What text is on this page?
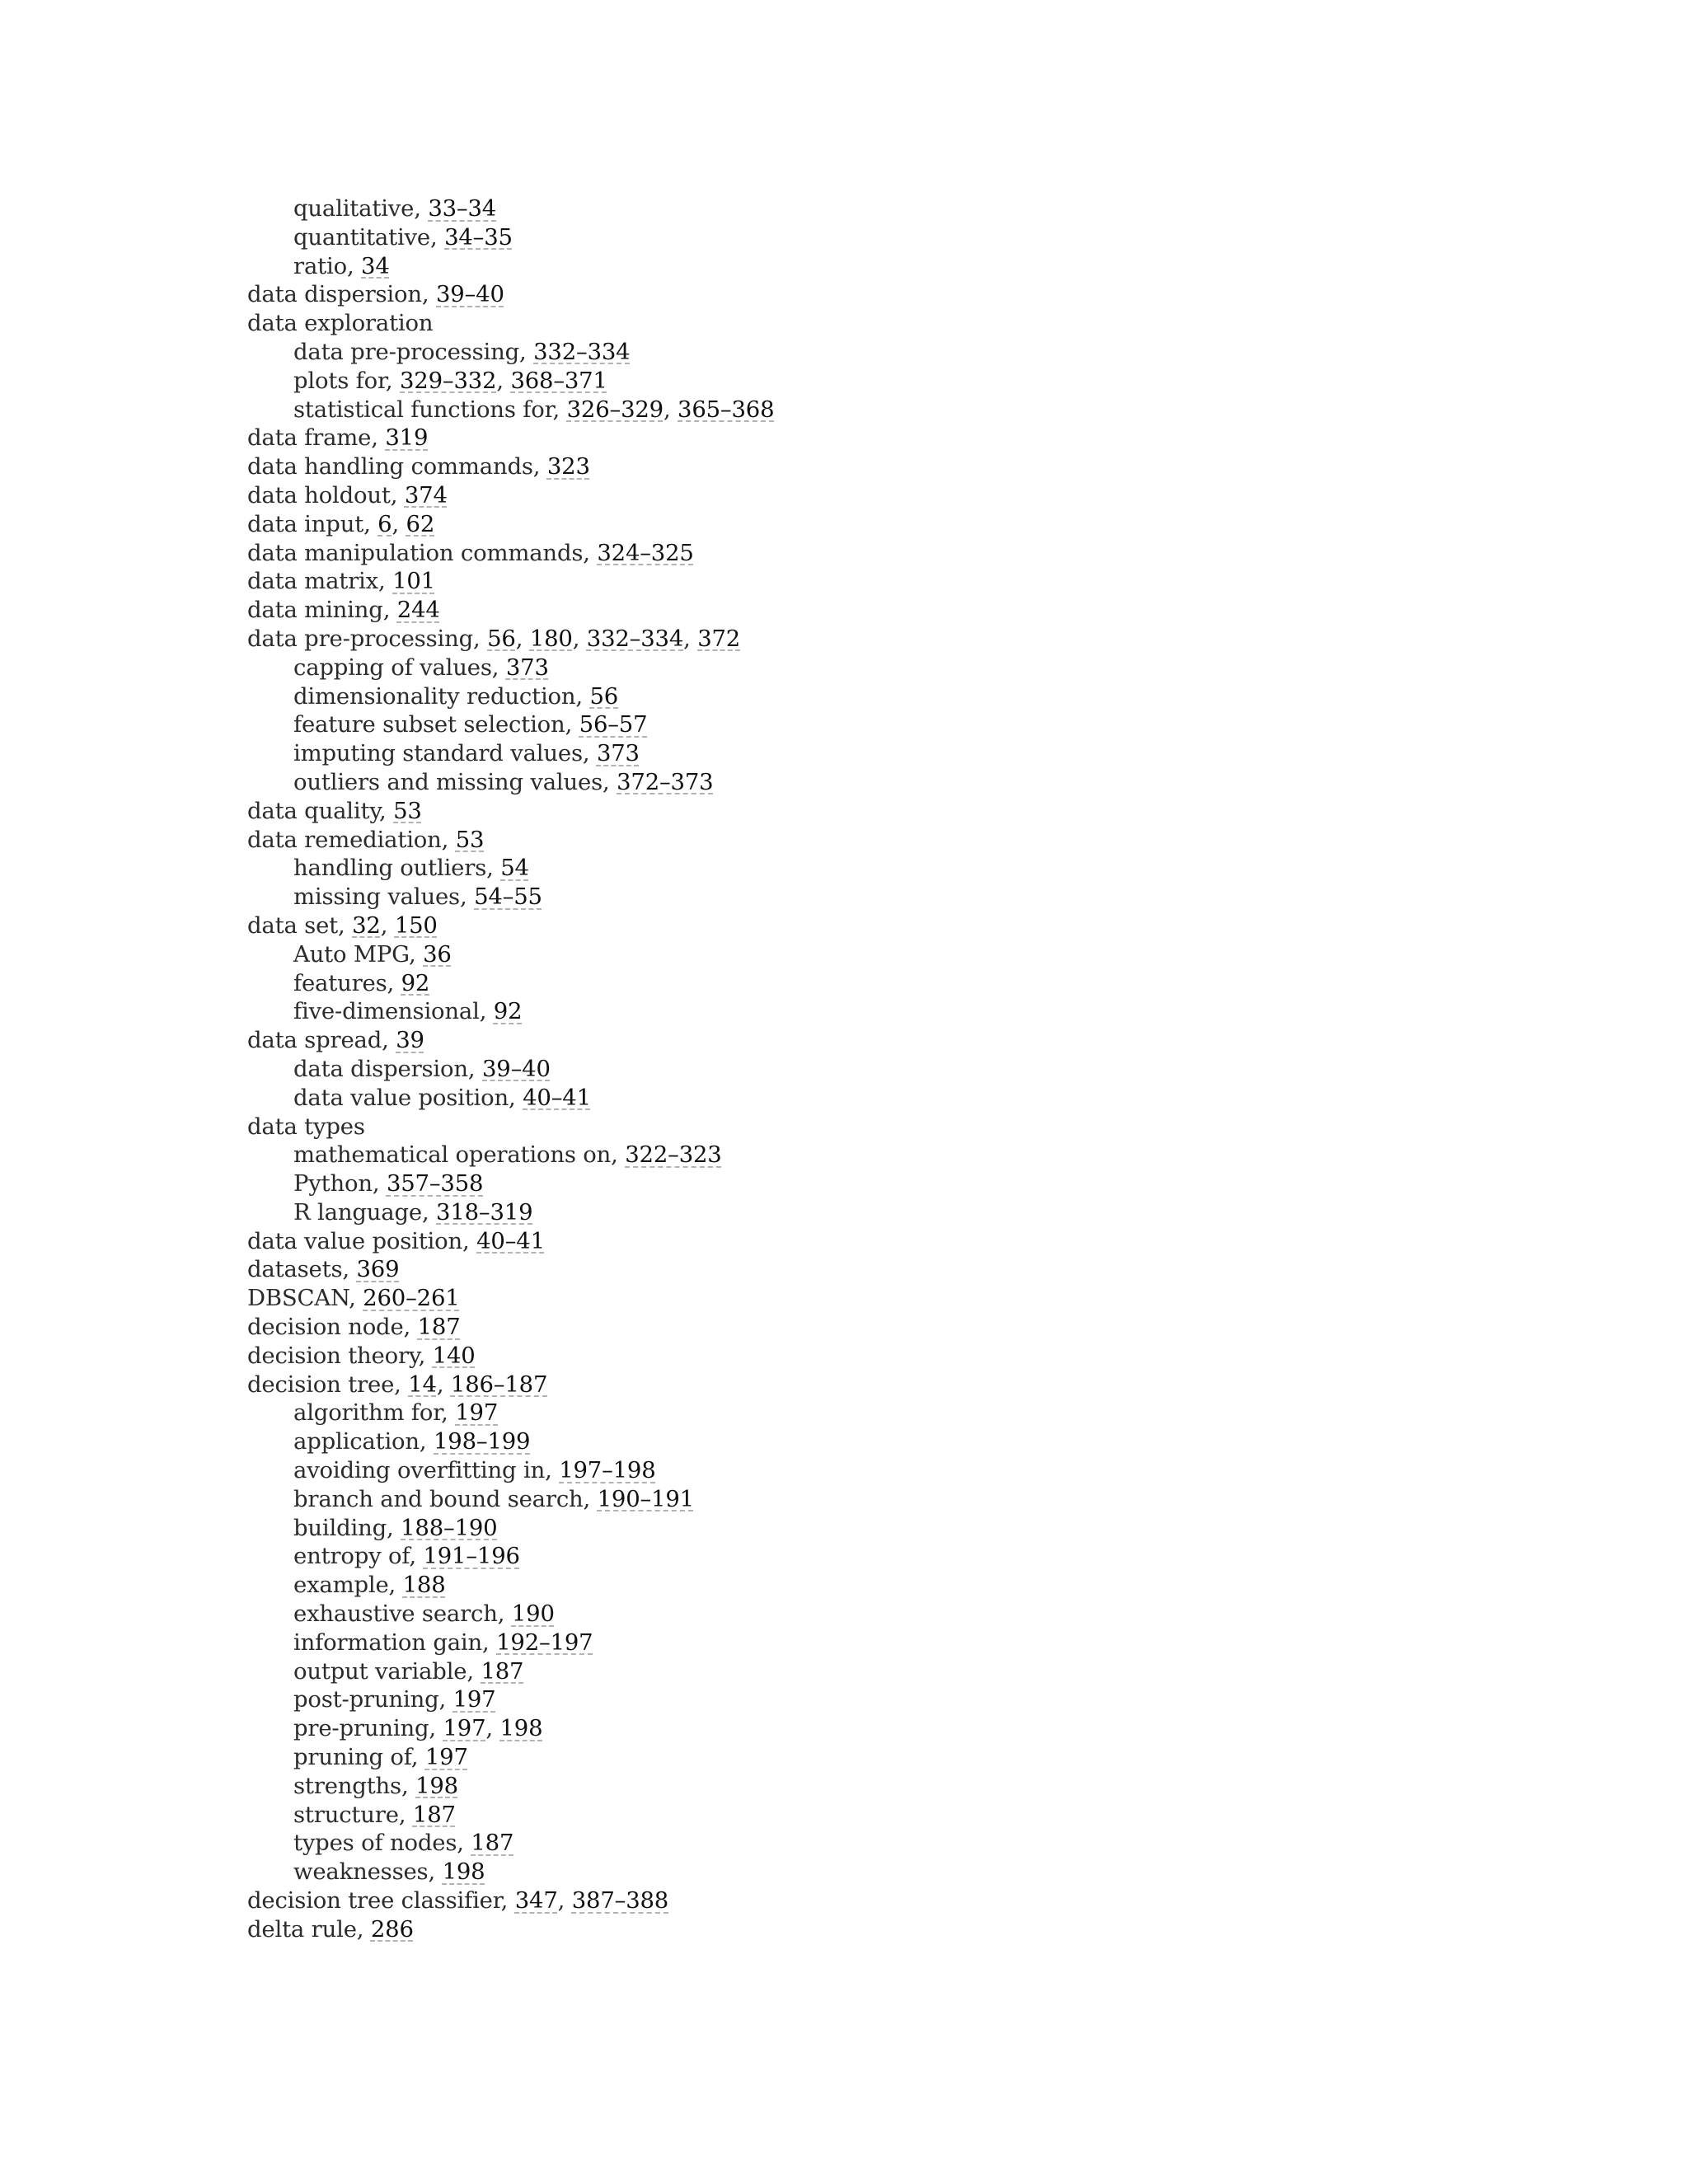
qualitative, 33–34
quantitative, 34–35
ratio, 34
data dispersion, 39–40
data exploration
data pre-processing, 332–334
plots for, 329–332, 368–371
statistical functions for, 326–329, 365–368
data frame, 319
data handling commands, 323
data holdout, 374
data input, 6, 62
data manipulation commands, 324–325
data matrix, 101
data mining, 244
data pre-processing, 56, 180, 332–334, 372
capping of values, 373
dimensionality reduction, 56
feature subset selection, 56–57
imputing standard values, 373
outliers and missing values, 372–373
data quality, 53
data remediation, 53
handling outliers, 54
missing values, 54–55
data set, 32, 150
Auto MPG, 36
features, 92
five-dimensional, 92
data spread, 39
data dispersion, 39–40
data value position, 40–41
data types
mathematical operations on, 322–323
Python, 357–358
R language, 318–319
data value position, 40–41
datasets, 369
DBSCAN, 260–261
decision node, 187
decision theory, 140
decision tree, 14, 186–187
algorithm for, 197
application, 198–199
avoiding overfitting in, 197–198
branch and bound search, 190–191
building, 188–190
entropy of, 191–196
example, 188
exhaustive search, 190
information gain, 192–197
output variable, 187
post-pruning, 197
pre-pruning, 197, 198
pruning of, 197
strengths, 198
structure, 187
types of nodes, 187
weaknesses, 198
decision tree classifier, 347, 387–388
delta rule, 286
